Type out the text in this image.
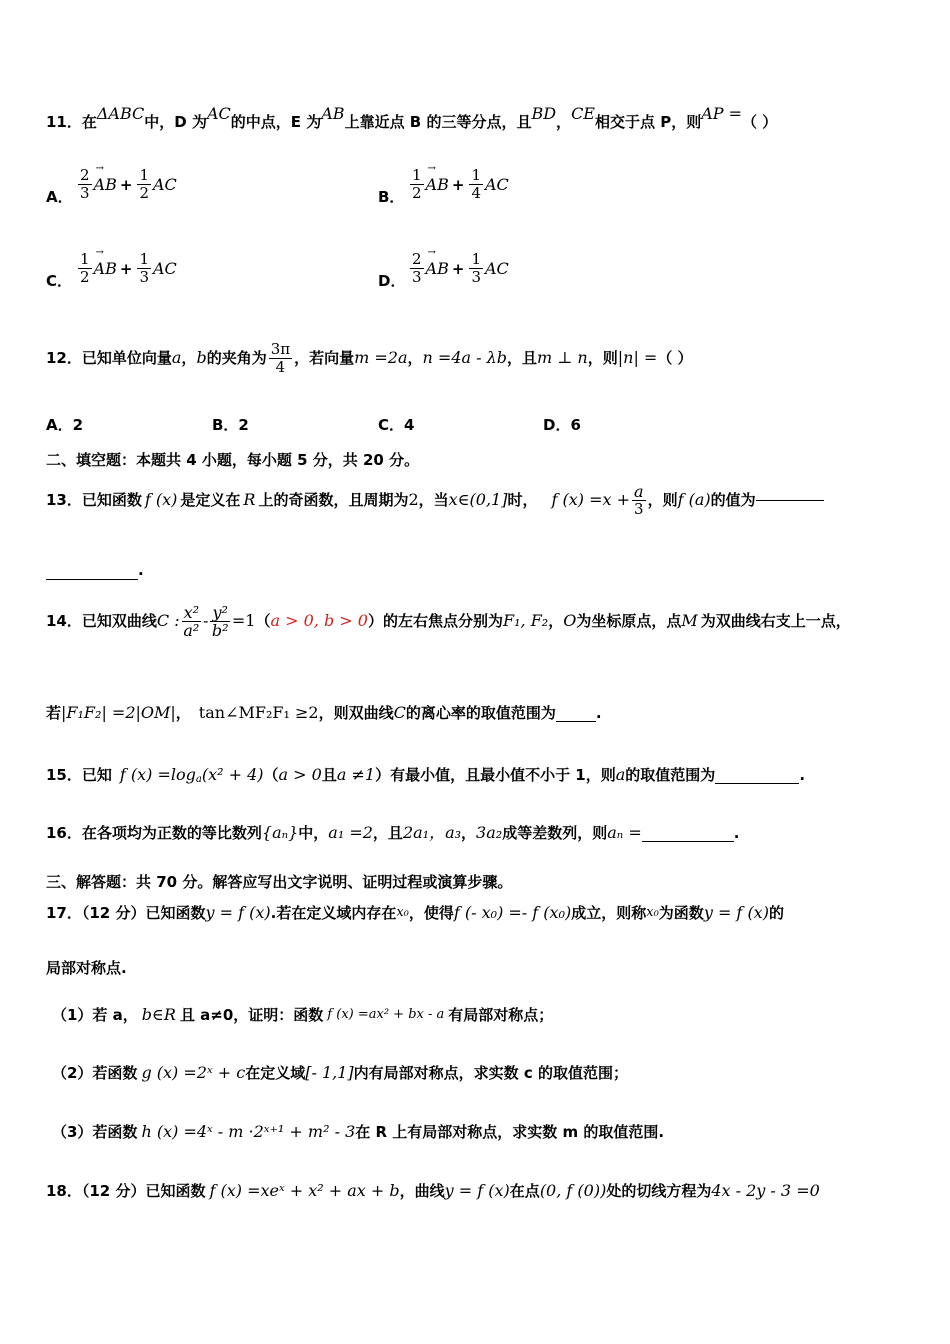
11．在ΔABC中，D 为AC的中点，E 为AB上靠近点 B 的三等分点，且BD，CE相交于点 P，则AP =（ ）
A． $\frac{2}{3}$ → AB + $\frac{1}{2}$ AC
B． $\frac{1}{2}$ → AB + $\frac{1}{4}$ AC
C． $\frac{1}{2}$ → AB + $\frac{1}{3}$ AC
D． $\frac{2}{3}$ → AB + $\frac{1}{3}$ AC
12．已知单位向量 a ， b 的夹角为 $\frac{3\pi}{4}$ ，若向量 m =2a ， n =4a - λb ，且 m ⊥ n ，则 |n| = （ ）
A．2	B．2	C．4	D．6
二、填空题：本题共 4 小题，每小题 5 分，共 20 分。
13．已知函数 f (x) 是定义在 R 上的奇函数，且周期为 2 ，当 x∈(0,1] 时， f $(x) =x + \frac{a}{3}$ ，则 f (a) 的值为
.
14．已知双曲线 C : $\frac{\text{x²}}{\text{a²}} - \frac{\text{y²}}{\text{b²}} =1$ （ a > 0, b > 0 ） 的左右焦点分别为 F₁, F₂ ， O 为坐标原点，点 M 为双曲线右支上一点，
若 |F₁F₂| =2|OM| ， tan∠MF₂F₁ ≥2 ，则双曲线 C 的离心率的取值范围为	.
15．已知 f (x) =log a (x² + 4) （ a > 0 且 a ≠1 ）有最小值，且最小值不小于 1，则 a 的取值范围为	.
16．在各项均为正数的等比数列 {aₙ} 中， a₁ =2 ，且 2a₁，a₃ ， 3a₂ 成等差数列，则 aₙ =	.
三、解答题：共 70 分。解答应写出文字说明、证明过程或演算步骤。
17．（12 分）已知函数 y = f (x) .若在定义域内存在 x₀ ，使得 f (- x₀) =- f (x₀) 成立，则称 x₀ 为函数 y = f (x) 的
局部对称点.
（1）若 a， b∈R 且 a≠0，证明：函数 f (x) =ax² + bx - a 有局部对称点；
（2）若函数 g (x) =2ˣ + c 在定义域 [- 1,1] 内有局部对称点，求实数 c 的取值范围；
（3）若函数 h (x) =4ˣ - m ·2ˣ⁺¹ + m² - 3 在 R 上有局部对称点，求实数 m 的取值范围.
18．（12 分）已知函数 f (x) =xeˣ + x² + ax + b ，曲线 y = f (x) 在点 (0, f (0)) 处的切线方程为 4x - 2y - 3 =0
